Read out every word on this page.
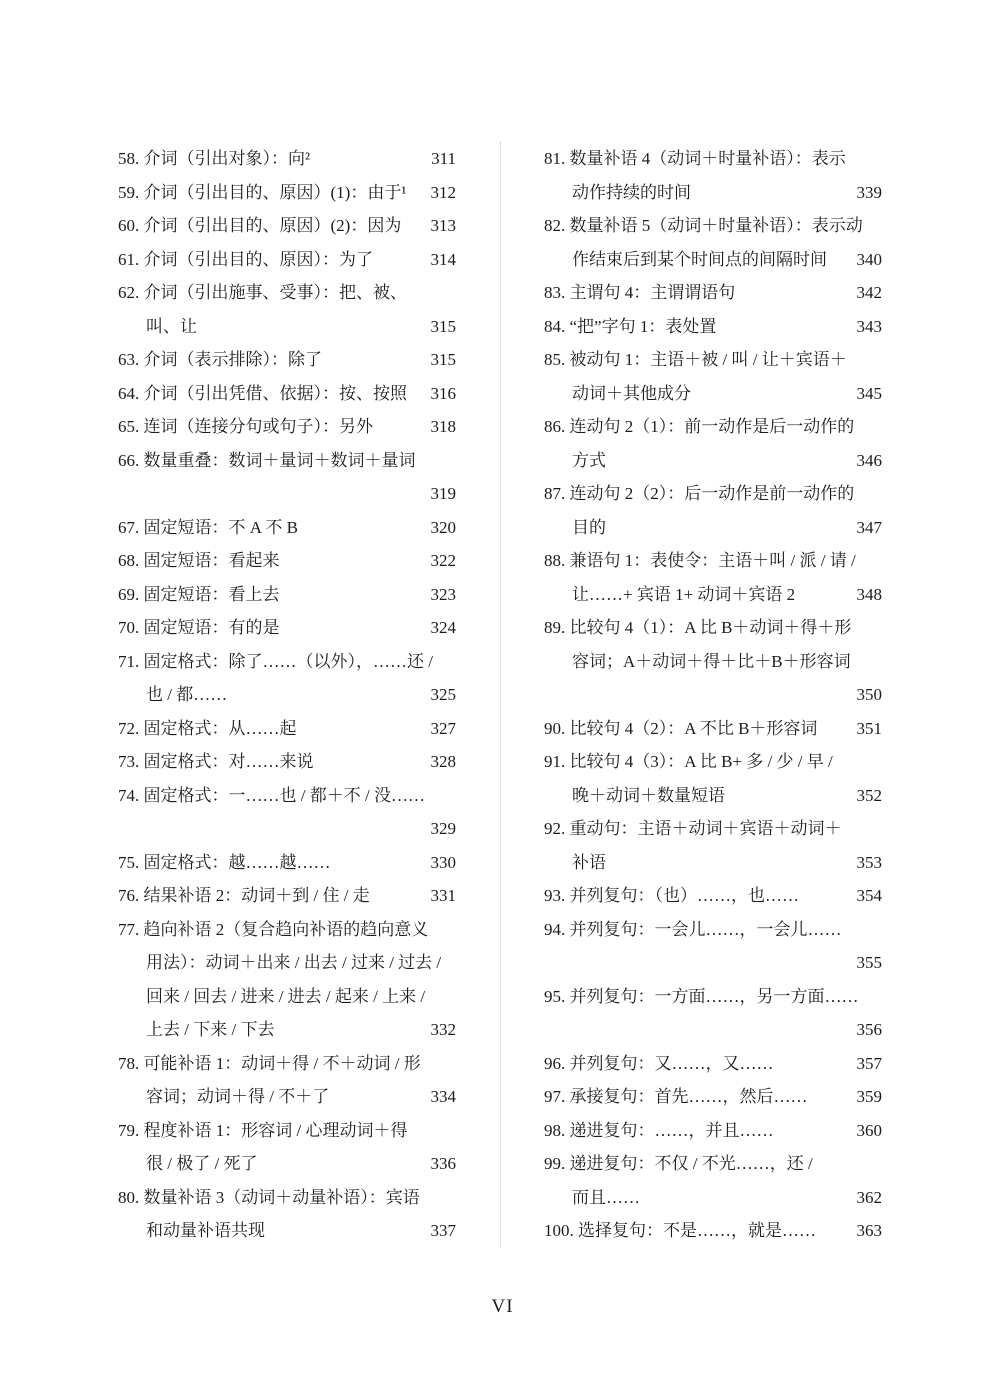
58. 介词（引出对象）：向²	311
59. 介词（引出目的、原因）(1)：由于¹	312
60. 介词（引出目的、原因）(2)：因为	313
61. 介词（引出目的、原因）：为了	314
62. 介词（引出施事、受事）：把、被、
叫、让	315
63. 介词（表示排除）：除了	315
64. 介词（引出凭借、依据）：按、按照	316
65. 连词（连接分句或句子）：另外	318
66. 数量重叠：数词＋量词＋数词＋量词
319
67. 固定短语：不 A 不 B	320
68. 固定短语：看起来	322
69. 固定短语：看上去	323
70. 固定短语：有的是	324
71. 固定格式：除了……（以外），……还 /
也 / 都……	325
72. 固定格式：从……起	327
73. 固定格式：对……来说	328
74. 固定格式：一……也 / 都＋不 / 没……
329
75. 固定格式：越……越……	330
76. 结果补语 2：动词＋到 / 住 / 走	331
77. 趋向补语 2（复合趋向补语的趋向意义
用法）：动词＋出来 / 出去 / 过来 / 过去 /
回来 / 回去 / 进来 / 进去 / 起来 / 上来 /
上去 / 下来 / 下去	332
78. 可能补语 1：动词＋得 / 不＋动词 / 形
容词；动词＋得 / 不＋了	334
79. 程度补语 1：形容词 / 心理动词＋得
很 / 极了 / 死了	336
80. 数量补语 3（动词＋动量补语）：宾语
和动量补语共现	337
81. 数量补语 4（动词＋时量补语）：表示
动作持续的时间	339
82. 数量补语 5（动词＋时量补语）：表示动
作结束后到某个时间点的间隔时间	340
83. 主谓句 4：主谓谓语句	342
84. “把”字句 1：表处置	343
85. 被动句 1：主语＋被 / 叫 / 让＋宾语＋
动词＋其他成分	345
86. 连动句 2（1）：前一动作是后一动作的
方式	346
87. 连动句 2（2）：后一动作是前一动作的
目的	347
88. 兼语句 1：表使令：主语＋叫 / 派 / 请 /
让……+ 宾语 1+ 动词＋宾语 2	348
89. 比较句 4（1）：A 比 B＋动词＋得＋形
容词；A＋动词＋得＋比＋B＋形容词
350
90. 比较句 4（2）：A 不比 B＋形容词	351
91. 比较句 4（3）：A 比 B+ 多 / 少 / 早 /
晚＋动词＋数量短语	352
92. 重动句：主语＋动词＋宾语＋动词＋
补语	353
93. 并列复句：（也）……，也……	354
94. 并列复句：一会儿……，一会儿……
355
95. 并列复句：一方面……，另一方面……
356
96. 并列复句：又……，又……	357
97. 承接复句：首先……，然后……	359
98. 递进复句：……，并且……	360
99. 递进复句：不仅 / 不光……，还 /
而且……	362
100. 选择复句：不是……，就是……	363
VI
